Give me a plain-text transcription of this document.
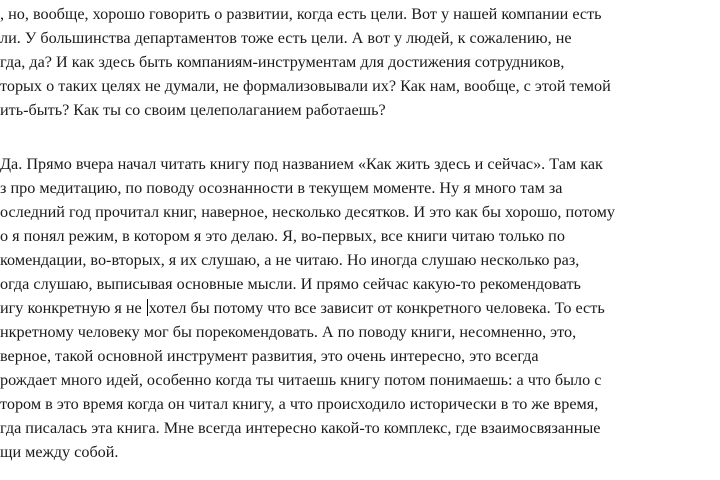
, но, вообще, хорошо говорить о развитии, когда есть цели. Вот у нашей компании есть
ли. У большинства департаментов тоже есть цели. А вот у людей, к сожалению, не
гда, да? И как здесь быть компаниям-инструментам для достижения сотрудников,
торых о таких целях не думали, не формализовывали их? Как нам, вообще, с этой темой
ить-быть? Как ты со своим целеполаганием работаешь?
Да. Прямо вчера начал читать книгу под названием «Как жить здесь и сейчас». Там как
з про медитацию, по поводу осознанности в текущем моменте. Ну я много там за
оследний год прочитал книг, наверное, несколько десятков. И это как бы хорошо, потому
о я понял режим, в котором я это делаю. Я, во-первых, все книги читаю только по
комендации, во-вторых, я их слушаю, а не читаю. Но иногда слушаю несколько раз,
огда слушаю, выписывая основные мысли. И прямо сейчас какую-то рекомендовать
игу конкретную я не хотел бы потому что все зависит от конкретного человека. То есть
нкретному человеку мог бы порекомендовать. А по поводу книги, несомненно, это,
верное, такой основной инструмент развития, это очень интересно, это всегда
рождает много идей, особенно когда ты читаешь книгу потом понимаешь: а что было с
тором в это время когда он читал книгу, а что происходило исторически в то же время,
гда писалась эта книга. Мне всегда интересно какой-то комплекс, где взаимосвязанные
щи между собой.
